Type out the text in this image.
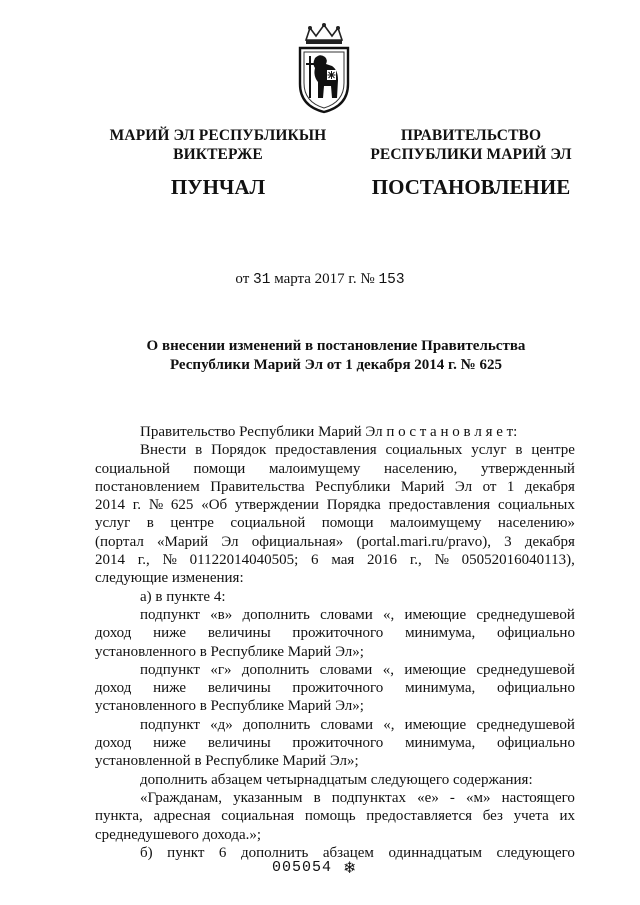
МАРИЙ ЭЛ РЕСПУБЛИКЫН
ВИКТЕРЖЕ
ПУНЧАЛ
ПРАВИТЕЛЬСТВО
РЕСПУБЛИКИ МАРИЙ ЭЛ
ПОСТАНОВЛЕНИЕ
от 31 марта 2017 г. № 153
О внесении изменений в постановление Правительства
Республики Марий Эл от 1 декабря 2014 г. № 625
Правительство Республики Марий Эл п о с т а н о в л я е т:
Внести в Порядок предоставления социальных услуг в центре
социальной помощи малоимущему населению, утвержденный
постановлением Правительства Республики Марий Эл от 1 декабря
2014 г. № 625 «Об утверждении Порядка предоставления социальных
услуг в центре социальной помощи малоимущему населению»
(портал «Марий Эл официальная» (portal.mari.ru/pravo), 3 декабря
2014 г., № 01122014040505; 6 мая 2016 г., № 05052016040113),
следующие изменения:
а) в пункте 4:
подпункт «в» дополнить словами «, имеющие среднедушевой
доход ниже величины прожиточного минимума, официально
установленного в Республике Марий Эл»;
подпункт «г» дополнить словами «, имеющие среднедушевой
доход ниже величины прожиточного минимума, официально
установленного в Республике Марий Эл»;
подпункт «д» дополнить словами «, имеющие среднедушевой
доход ниже величины прожиточного минимума, официально
установленной в Республике Марий Эл»;
дополнить абзацем четырнадцатым следующего содержания:
«Гражданам, указанным в подпунктах «е» - «м» настоящего
пункта, адресная социальная помощь предоставляется без учета их
среднедушевого дохода.»;
б) пункт 6 дополнить абзацем одиннадцатым следующего
005054 ❄
